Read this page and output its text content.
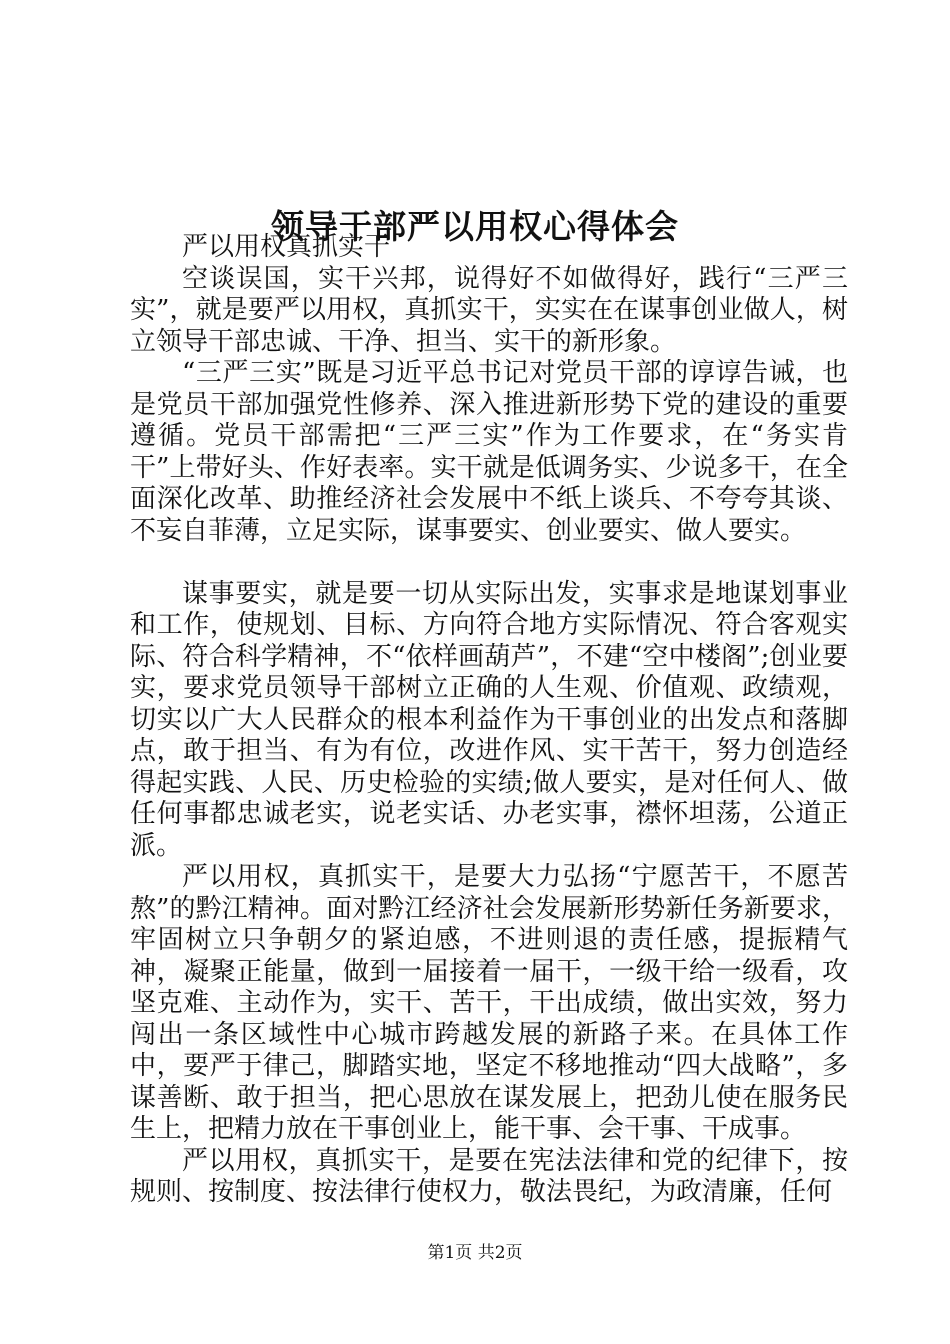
领导干部严以用权心得体会

严以用权真抓实干

空谈误国，实干兴邦，说得好不如做得好，践行“三严三实”，就是要严以用权，真抓实干，实实在在谋事创业做人，树立领导干部忠诚、干净、担当、实干的新形象。

“三严三实”既是习近平总书记对党员干部的谆谆告诫，也是党员干部加强党性修养、深入推进新形势下党的建设的重要遵循。党员干部需把“三严三实”作为工作要求，在“务实肯干”上带好头、作好表率。实干就是低调务实、少说多干，在全面深化改革、助推经济社会发展中不纸上谈兵、不夸夸其谈、不妄自菲薄，立足实际，谋事要实、创业要实、做人要实。

谋事要实，就是要一切从实际出发，实事求是地谋划事业和工作，使规划、目标、方向符合地方实际情况、符合客观实际、符合科学精神，不“依样画葫芦”，不建“空中楼阁”;创业要实，要求党员领导干部树立正确的人生观、价值观、政绩观，切实以广大人民群众的根本利益作为干事创业的出发点和落脚点，敢于担当、有为有位，改进作风、实干苦干，努力创造经得起实践、人民、历史检验的实绩;做人要实，是对任何人、做任何事都忠诚老实，说老实话、办老实事，襟怀坦荡，公道正派。

严以用权，真抓实干，是要大力弘扬“宁愿苦干，不愿苦熬”的黔江精神。面对黔江经济社会发展新形势新任务新要求，牢固树立只争朝夕的紧迫感，不进则退的责任感，提振精气神，凝聚正能量，做到一届接着一届干，一级干给一级看，攻坚克难、主动作为，实干、苦干，干出成绩，做出实效，努力闯出一条区域性中心城市跨越发展的新路子来。在具体工作中，要严于律己，脚踏实地，坚定不移地推动“四大战略”，多谋善断、敢于担当，把心思放在谋发展上，把劲儿使在服务民生上，把精力放在干事创业上，能干事、会干事、干成事。

严以用权，真抓实干，是要在宪法法律和党的纪律下，按规则、按制度、按法律行使权力，敬法畏纪，为政清廉，任何

第1页 共2页
